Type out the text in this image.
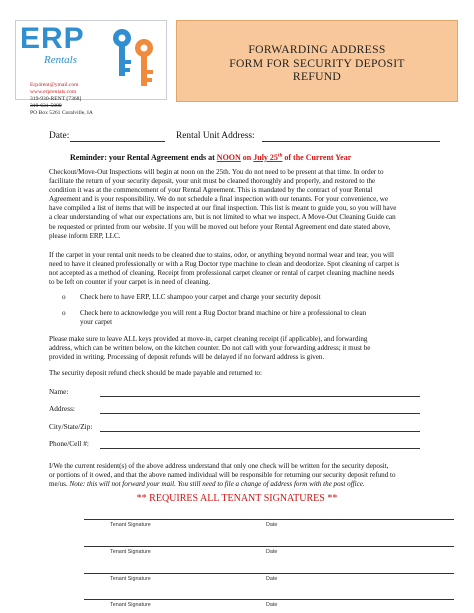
ERP
Rentals
Erp4rent@ymail.com
www.erprentals.com
319-930-RENT [7368]
319-631-5089
PO Box 5261 Coralville, IA
FORWARDING ADDRESS
FORM FOR SECURITY DEPOSIT
REFUND
Date:	Rental Unit Address:
Reminder: your Rental Agreement ends at NOON on July 25th of the Current Year
Checkout/Move-Out Inspections will begin at noon on the 25th. You do not need to be present at that time. In order to
facilitate the return of your security deposit, your unit must be cleaned thoroughly and properly, and restored to the
condition it was at the commencement of your Rental Agreement. This is mandated by the contract of your Rental
Agreement and is your responsibility. We do not schedule a final inspection with our tenants. For your convenience, we
have compiled a list of items that will be inspected at our final inspection. This list is meant to guide you, so you will have
a clear understanding of what our expectations are, but is not limited to what we inspect. A Move-Out Cleaning Guide can
be requested or printed from our website. If you will be moved out before your Rental Agreement end date stated above,
please inform ERP, LLC.
If the carpet in your rental unit needs to be cleaned due to stains, odor, or anything beyond normal wear and tear, you will
need to have it cleaned professionally or with a Rug Doctor type machine to clean and deodorize. Spot cleaning of carpet is
not accepted as a method of cleaning. Receipt from professional carpet cleaner or rental of carpet cleaning machine needs
to be left on counter if your carpet is in need of cleaning.
o Check here to have ERP, LLC shampoo your carpet and charge your security deposit
o Check here to acknowledge you will rent a Rug Doctor brand machine or hire a professional to clean
your carpet
Please make sure to leave ALL keys provided at move-in, carpet cleaning receipt (if applicable), and forwarding
address, which can be written below, on the kitchen counter. Do not call with your forwarding address; it must be
provided in writing. Processing of deposit refunds will be delayed if no forward address is given.
The security deposit refund check should be made payable and returned to:
Name:
Address:
City/State/Zip:
Phone/Cell #:
I/We the current resident(s) of the above address understand that only one check will be written for the security deposit,
or portions of it owed, and that the above named individual will be responsible for returning our security deposit refund to
me/us. Note: this will not forward your mail. You still need to file a change of address form with the post office.
** REQUIRES ALL TENANT SIGNATURES **
Tenant Signature	Date
Tenant Signature	Date
Tenant Signature	Date
Tenant Signature	Date
